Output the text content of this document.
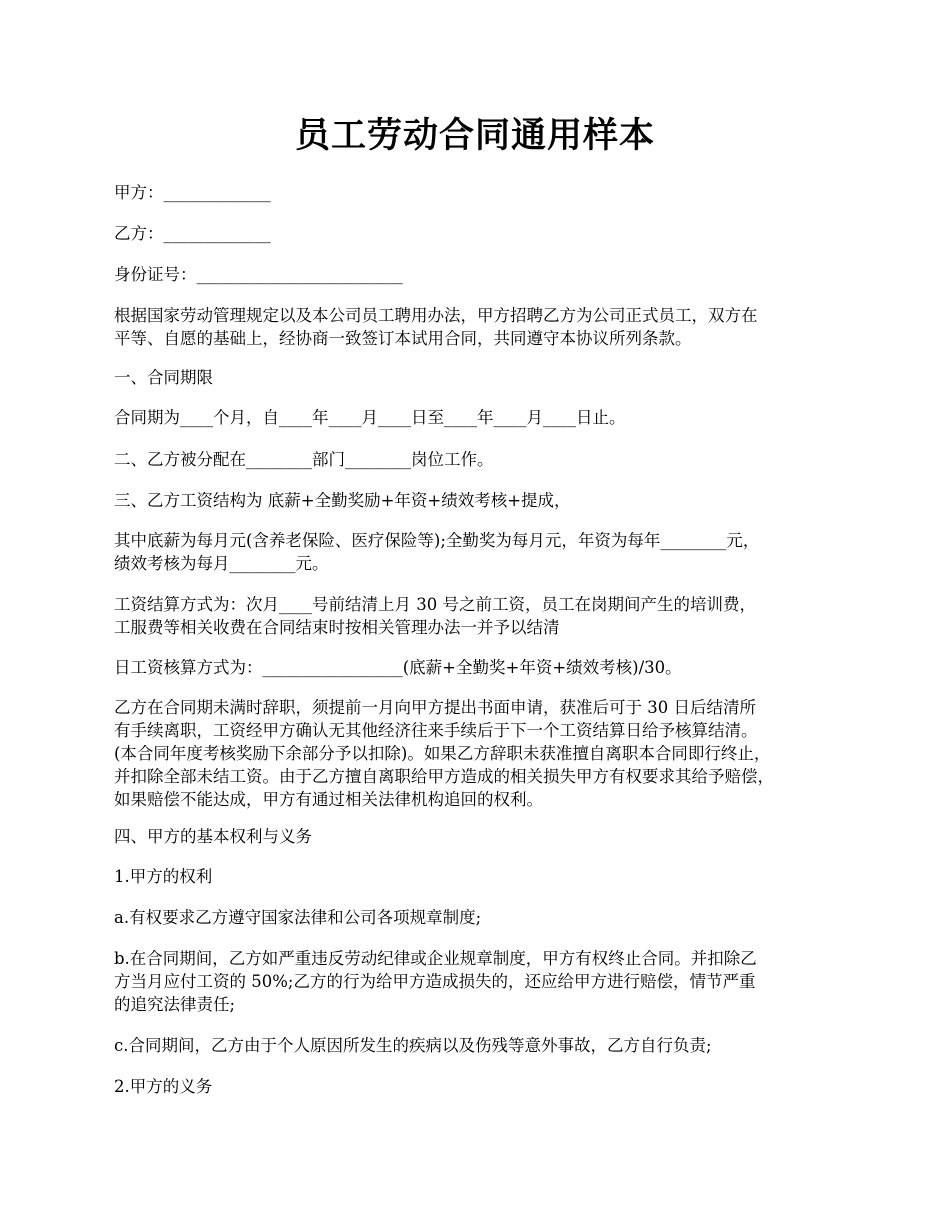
员工劳动合同通用样本

甲方：_____________

乙方：_____________

身份证号：_________________________

根据国家劳动管理规定以及本公司员工聘用办法，甲方招聘乙方为公司正式员工，双方在
平等、自愿的基础上，经协商一致签订本试用合同，共同遵守本协议所列条款。

一、合同期限

合同期为____个月，自____年____月____日至____年____月____日止。

二、乙方被分配在________部门________岗位工作。

三、乙方工资结构为 底薪+全勤奖励+年资+绩效考核+提成，

其中底薪为每月元(含养老保险、医疗保险等);全勤奖为每月元，年资为每年________元，
绩效考核为每月________元。

工资结算方式为：次月____号前结清上月 30 号之前工资，员工在岗期间产生的培训费，
工服费等相关收费在合同结束时按相关管理办法一并予以结清

日工资核算方式为：_________________(底薪+全勤奖+年资+绩效考核)/30。

乙方在合同期未满时辞职，须提前一月向甲方提出书面申请，获准后可于 30 日后结清所
有手续离职，工资经甲方确认无其他经济往来手续后于下一个工资结算日给予核算结清。
(本合同年度考核奖励下余部分予以扣除)。如果乙方辞职未获准擅自离职本合同即行终止，
并扣除全部未结工资。由于乙方擅自离职给甲方造成的相关损失甲方有权要求其给予赔偿，
如果赔偿不能达成，甲方有通过相关法律机构追回的权利。

四、甲方的基本权利与义务

1.甲方的权利

a.有权要求乙方遵守国家法律和公司各项规章制度;

b.在合同期间，乙方如严重违反劳动纪律或企业规章制度，甲方有权终止合同。并扣除乙
方当月应付工资的 50%;乙方的行为给甲方造成损失的，还应给甲方进行赔偿，情节严重
的追究法律责任;

c.合同期间，乙方由于个人原因所发生的疾病以及伤残等意外事故，乙方自行负责;

2.甲方的义务
